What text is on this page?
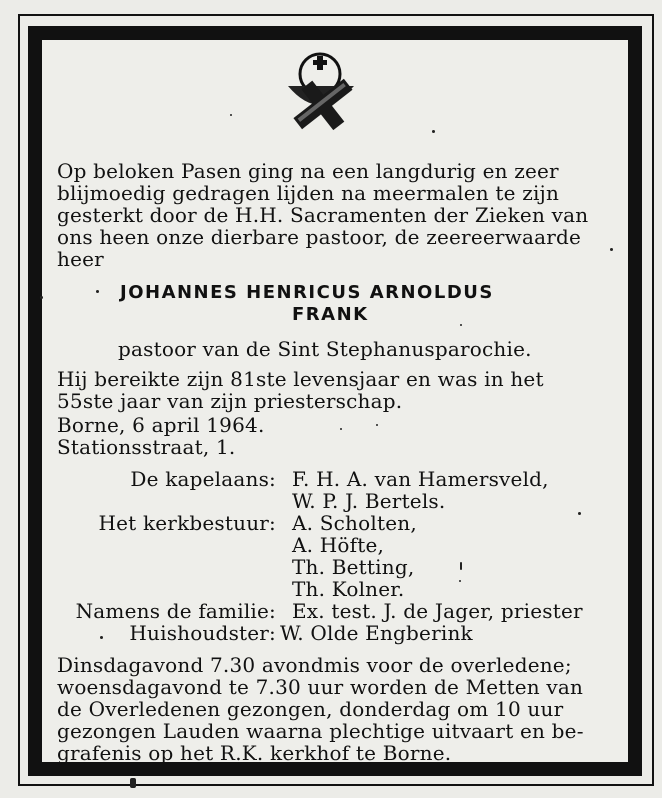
Op beloken Pasen ging na een langdurig en zeer
blijmoedig gedragen lijden na meermalen te zijn
gesterkt door de H.H. Sacramenten der Zieken van
ons heen onze dierbare pastoor, de zeereerwaarde
heer
JOHANNES HENRICUS ARNOLDUS
FRANK
pastoor van de Sint Stephanusparochie.
Hij bereikte zijn 81ste levensjaar en was in het
55ste jaar van zijn priesterschap.
Borne, 6 april 1964.
Stationsstraat, 1.
De kapelaans: F. H. A. van Hamersveld,
W. P. J. Bertels.
Het kerkbestuur: A. Scholten,
A. Höfte,
Th. Betting,
Th. Kolner.
Namens de familie: Ex. test. J. de Jager, priester
Huishoudster: W. Olde Engberink
Dinsdagavond 7.30 avondmis voor de overledene;
woensdagavond te 7.30 uur worden de Metten van
de Overledenen gezongen, donderdag om 10 uur
gezongen Lauden waarna plechtige uitvaart en be-
grafenis op het R.K. kerkhof te Borne.
